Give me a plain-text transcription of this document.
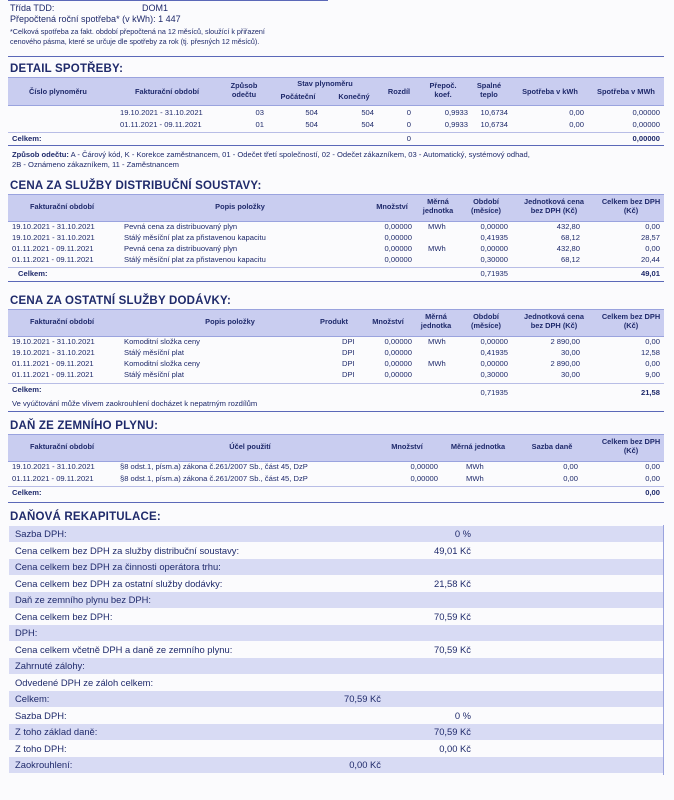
Třída TDD:	DOM1
Přepočtená roční spotřeba* (v kWh): 1 447
*Celková spotřeba za fakt. období přepočtená na 12 měsíců, sloužící k přiřazení
cenového pásma, které se určuje dle spotřeby za rok (tj. přesných 12 měsíců).
DETAIL SPOTŘEBY:
Číslo plynoměru	Fakturační období
Způsob odečtu
Stav plynoměru
Počáteční	Konečný
Rozdíl
Přepoč. koef.
Spalné teplo	Spotřeba v kWh	Spotřeba v MWh
19.10.2021 - 31.10.2021	03	504	504	0	0,9933	10,6734	0,00	0,00000
01.11.2021 - 09.11.2021	01	504	504	0	0,9933	10,6734	0,00	0,00000
Celkem:	0	0,00000
Způsob odečtu: A - Čárový kód, K - Korekce zaměstnancem, 01 - Odečet třetí společností, 02 - Odečet zákazníkem, 03 - Automatický, systémový odhad,
2B - Oznámeno zákazníkem, 11 - Zaměstnancem
CENA ZA SLUŽBY DISTRIBUČNÍ SOUSTAVY:
Fakturační období	Popis položky	Množství
Měrná jednotka
Období (měsíce)
Jednotková cena bez DPH (Kč)
Celkem bez DPH (Kč)
19.10.2021 - 31.10.2021	Pevná cena za distribuovaný plyn	0,00000 MWh	0,00000	432,80	0,00
19.10.2021 - 31.10.2021	Stálý měsíční plat za přistavenou kapacitu	0,00000	0,41935	68,12	28,57
01.11.2021 - 09.11.2021	Pevná cena za distribuovaný plyn	0,00000 MWh	0,00000	432,80	0,00
01.11.2021 - 09.11.2021	Stálý měsíční plat za přistavenou kapacitu	0,00000	0,30000	68,12	20,44
Celkem:	0,71935	49,01
CENA ZA OSTATNÍ SLUŽBY DODÁVKY:
Fakturační období	Popis položky	Produkt	Množství
Měrná jednotka
Období (měsíce)
Jednotková cena bez DPH (Kč)
Celkem bez DPH (Kč)
19.10.2021 - 31.10.2021	Komoditní složka ceny	DPI	0,00000 MWh	0,00000	2 890,00	0,00
19.10.2021 - 31.10.2021	Stálý měsíční plat	DPI	0,00000	0,41935	30,00	12,58
01.11.2021 - 09.11.2021	Komoditní složka ceny	DPI	0,00000 MWh	0,00000	2 890,00	0,00
01.11.2021 - 09.11.2021	Stálý měsíční plat	DPI	0,00000	0,30000	30,00	9,00
Celkem:	0,71935	21,58
Ve vyúčtování může vlivem zaokrouhlení docházet k nepatrným rozdílům
DAŇ ZE ZEMNÍHO PLYNU:
Fakturační období	Účel použití	Množství	Měrná jednotka	Sazba daně
Celkem bez DPH (Kč)
19.10.2021 - 31.10.2021	§8 odst.1, písm.a) zákona č.261/2007 Sb., část 45, DzP	0,00000	MWh	0,00	0,00
01.11.2021 - 09.11.2021	§8 odst.1, písm.a) zákona č.261/2007 Sb., část 45, DzP	0,00000	MWh	0,00	0,00
Celkem:	0,00
DAŇOVÁ REKAPITULACE:
Sazba DPH:	0 %
Cena celkem bez DPH za služby distribuční soustavy:	49,01 Kč
Cena celkem bez DPH za činnosti operátora trhu:
Cena celkem bez DPH za ostatní služby dodávky:	21,58 Kč
Daň ze zemního plynu bez DPH:
Cena celkem bez DPH:	70,59 Kč
DPH:
Cena celkem včetně DPH a daně ze zemního plynu:	70,59 Kč
Zahrnuté zálohy:
Odvedené DPH ze záloh celkem:
Celkem:	70,59 Kč
Sazba DPH:	0 %
Z toho základ daně:	70,59 Kč
Z toho DPH:	0,00 Kč
Zaokrouhlení:	0,00 Kč
